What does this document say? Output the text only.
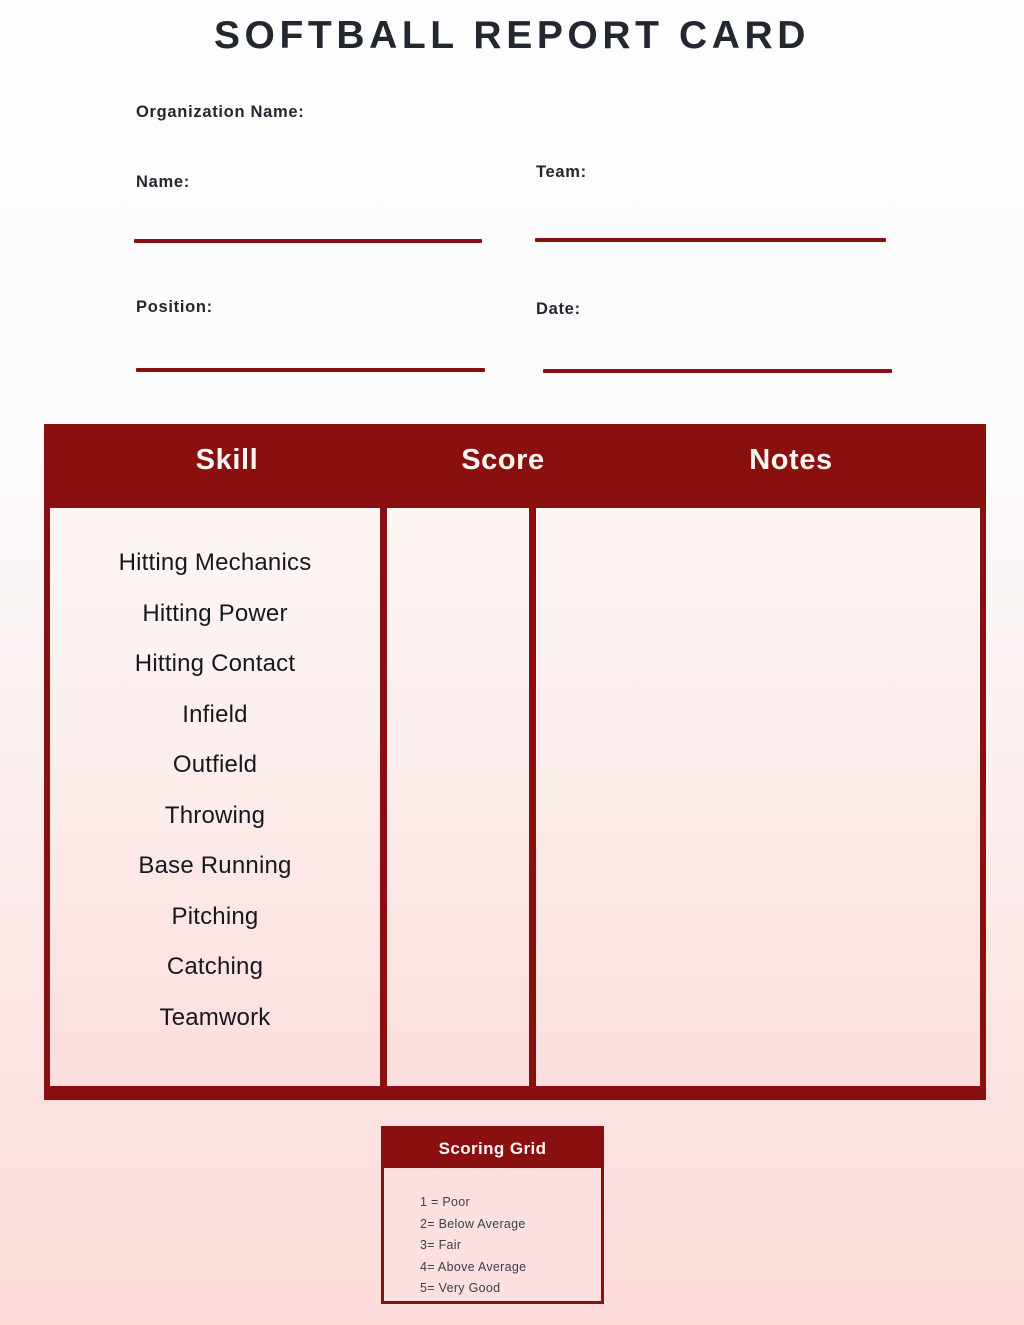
SOFTBALL REPORT CARD
Organization Name:
Name:
Team:
Position:	Date:
Skill	Score	Notes
Hitting Mechanics
Hitting Power
Hitting Contact
Infield
Outfield
Throwing
Base Running
Pitching
Catching
Teamwork
Scoring Grid
1 = Poor
2= Below Average
3= Fair
4= Above Average
5= Very Good
